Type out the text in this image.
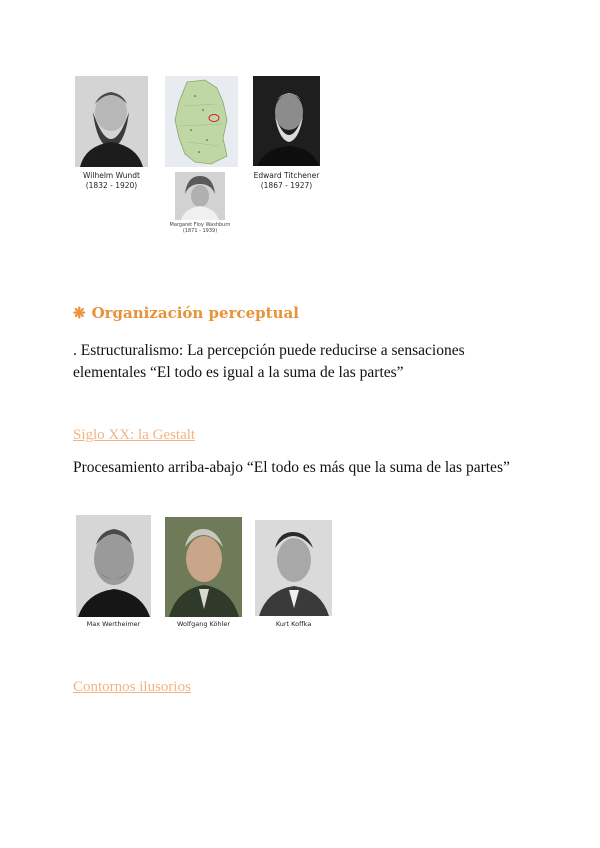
Wilhelm Wundt
(1832 - 1920)
Edward Titchener
(1867 - 1927)
Margaret Floy Washburn
(1871 - 1939)
❋ Organización perceptual
. Estructuralismo: La percepción puede reducirse a sensaciones elementales “El todo es igual a la suma de las partes”
Siglo XX: la Gestalt
Procesamiento arriba-abajo “El todo es más que la suma de las partes”
Max Wertheimer	Wolfgang Köhler	Kurt Koffka
Contornos ilusorios
